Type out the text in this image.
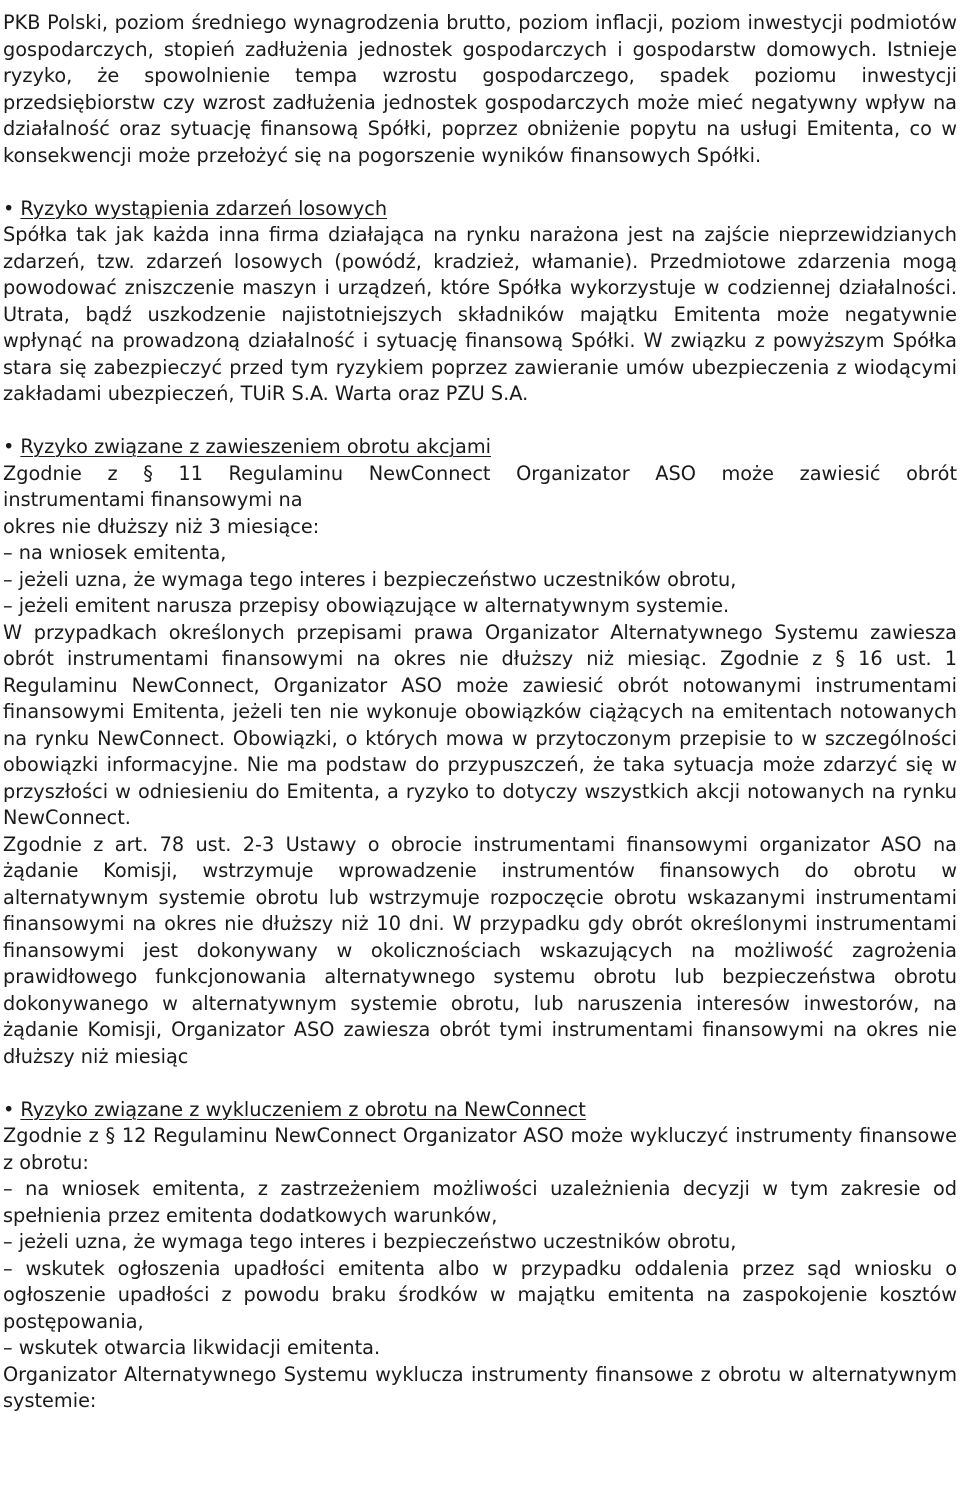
PKB Polski, poziom średniego wynagrodzenia brutto, poziom inflacji, poziom inwestycji podmiotów gospodarczych, stopień zadłużenia jednostek gospodarczych i gospodarstw domowych. Istnieje ryzyko, że spowolnienie tempa wzrostu gospodarczego, spadek poziomu inwestycji przedsiębiorstw czy wzrost zadłużenia jednostek gospodarczych może mieć negatywny wpływ na działalność oraz sytuację finansową Spółki, poprzez obniżenie popytu na usługi Emitenta, co w konsekwencji może przełożyć się na pogorszenie wyników finansowych Spółki.

• Ryzyko wystąpienia zdarzeń losowych

Spółka tak jak każda inna firma działająca na rynku narażona jest na zajście nieprzewidzianych zdarzeń, tzw. zdarzeń losowych (powódź, kradzież, włamanie). Przedmiotowe zdarzenia mogą powodować zniszczenie maszyn i urządzeń, które Spółka wykorzystuje w codziennej działalności. Utrata, bądź uszkodzenie najistotniejszych składników majątku Emitenta może negatywnie wpłynąć na prowadzoną działalność i sytuację finansową Spółki. W związku z powyższym Spółka stara się zabezpieczyć przed tym ryzykiem poprzez zawieranie umów ubezpieczenia z wiodącymi zakładami ubezpieczeń, TUiR S.A. Warta oraz PZU S.A.

• Ryzyko związane z zawieszeniem obrotu akcjami

Zgodnie z § 11 Regulaminu NewConnect Organizator ASO może zawiesić obrót

instrumentami finansowymi na

okres nie dłuższy niż 3 miesiące:

– na wniosek emitenta,

– jeżeli uzna, że wymaga tego interes i bezpieczeństwo uczestników obrotu,

– jeżeli emitent narusza przepisy obowiązujące w alternatywnym systemie.

W przypadkach określonych przepisami prawa Organizator Alternatywnego Systemu zawiesza obrót instrumentami finansowymi na okres nie dłuższy niż miesiąc. Zgodnie z § 16 ust. 1 Regulaminu NewConnect, Organizator ASO może zawiesić obrót notowanymi instrumentami finansowymi Emitenta, jeżeli ten nie wykonuje obowiązków ciążących na emitentach notowanych na rynku NewConnect. Obowiązki, o których mowa w przytoczonym przepisie to w szczególności obowiązki informacyjne. Nie ma podstaw do przypuszczeń, że taka sytuacja może zdarzyć się w przyszłości w odniesieniu do Emitenta, a ryzyko to dotyczy wszystkich akcji notowanych na rynku NewConnect.

Zgodnie z art. 78 ust. 2-3 Ustawy o obrocie instrumentami finansowymi organizator ASO na żądanie Komisji, wstrzymuje wprowadzenie instrumentów finansowych do obrotu w alternatywnym systemie obrotu lub wstrzymuje rozpoczęcie obrotu wskazanymi instrumentami finansowymi na okres nie dłuższy niż 10 dni. W przypadku gdy obrót określonymi instrumentami finansowymi jest dokonywany w okolicznościach wskazujących na możliwość zagrożenia prawidłowego funkcjonowania alternatywnego systemu obrotu lub bezpieczeństwa obrotu dokonywanego w alternatywnym systemie obrotu, lub naruszenia interesów inwestorów, na żądanie Komisji, Organizator ASO zawiesza obrót tymi instrumentami finansowymi na okres nie dłuższy niż miesiąc

• Ryzyko związane z wykluczeniem z obrotu na NewConnect

Zgodnie z § 12 Regulaminu NewConnect Organizator ASO może wykluczyć instrumenty finansowe z obrotu:

– na wniosek emitenta, z zastrzeżeniem możliwości uzależnienia decyzji w tym zakresie od spełnienia przez emitenta dodatkowych warunków,

– jeżeli uzna, że wymaga tego interes i bezpieczeństwo uczestników obrotu,

– wskutek ogłoszenia upadłości emitenta albo w przypadku oddalenia przez sąd wniosku o ogłoszenie upadłości z powodu braku środków w majątku emitenta na zaspokojenie kosztów postępowania,

– wskutek otwarcia likwidacji emitenta.

Organizator Alternatywnego Systemu wyklucza instrumenty finansowe z obrotu w alternatywnym systemie:
